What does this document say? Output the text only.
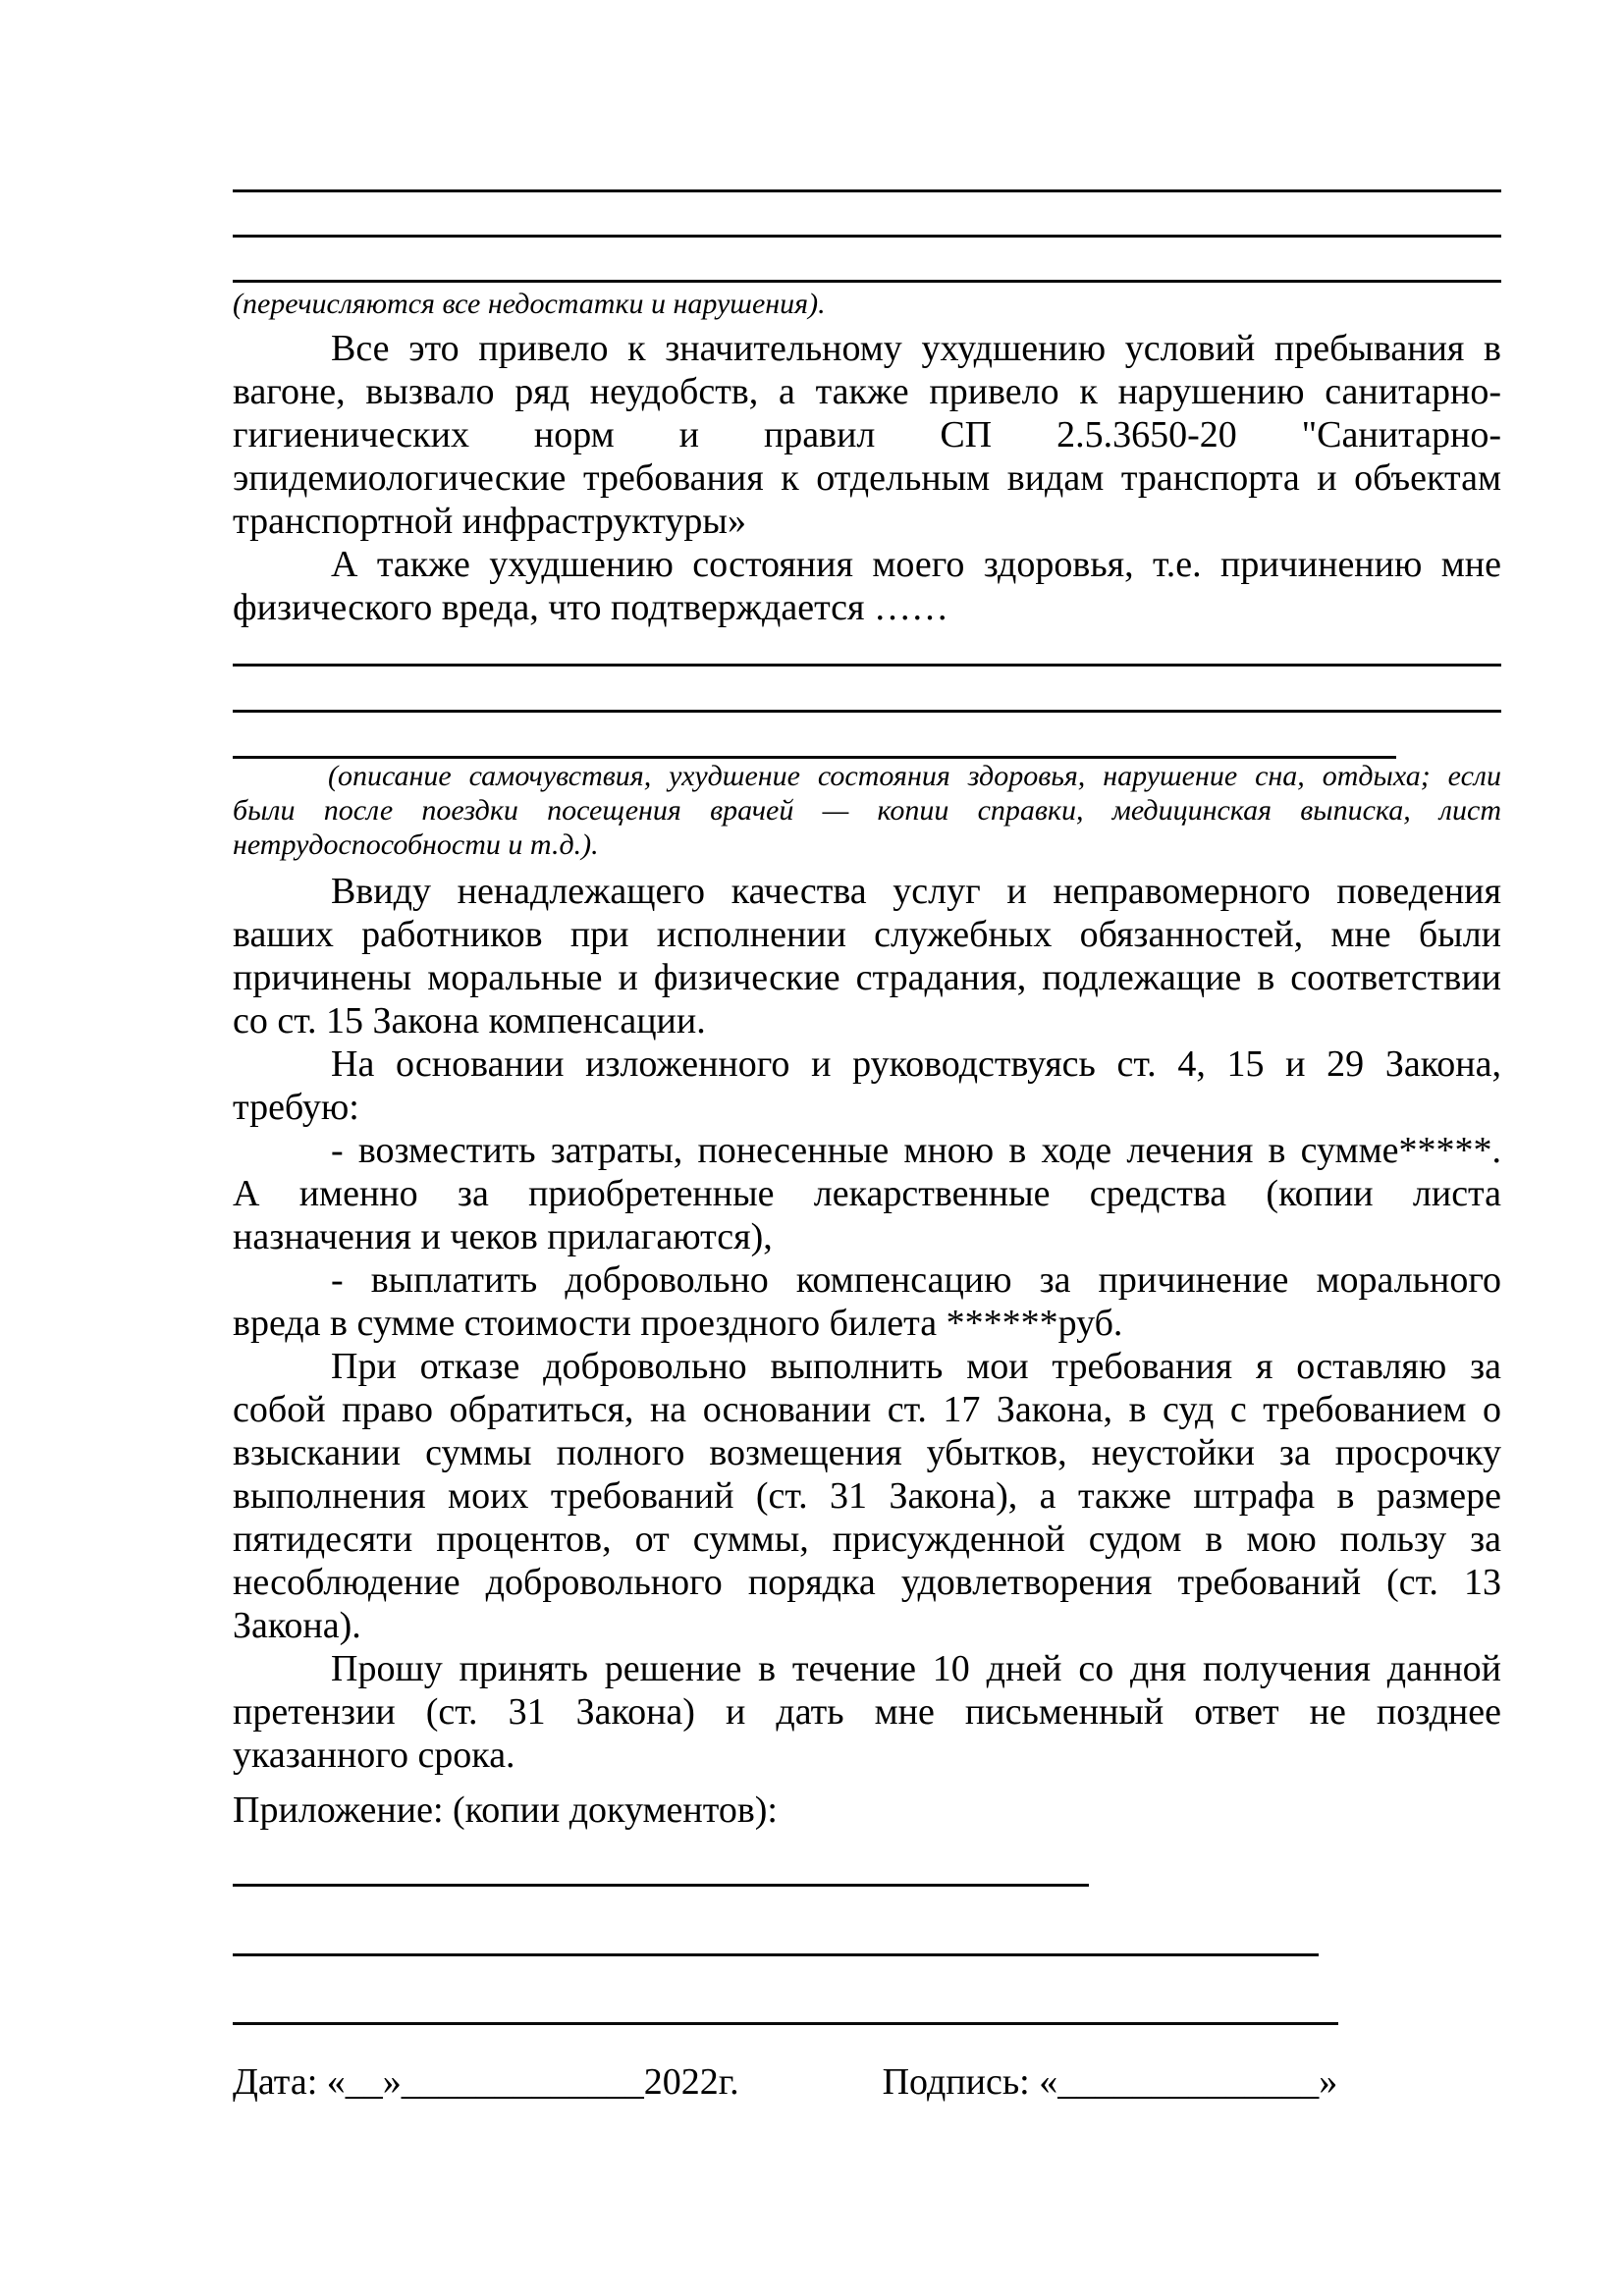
(перечисляются все недостатки и нарушения).
Все это привело к значительному ухудшению условий пребывания в
вагоне, вызвало ряд неудобств, а также привело к нарушению санитарно-
гигиенических норм и правил СП 2.5.3650-20 "Санитарно-
эпидемиологические требования к отдельным видам транспорта и объектам
транспортной инфраструктуры»
А также ухудшению состояния моего здоровья, т.е. причинению мне
физического вреда, что подтверждается ……
(описание самочувствия, ухудшение состояния здоровья, нарушение сна, отдыха; если
были после поездки посещения врачей — копии справки, медицинская выписка, лист
нетрудоспособности и т.д.).
Ввиду ненадлежащего качества услуг и неправомерного поведения
ваших работников при исполнении служебных обязанностей, мне были
причинены моральные и физические страдания, подлежащие в соответствии
со ст. 15 Закона компенсации.
На основании изложенного и руководствуясь ст. 4, 15 и 29 Закона,
требую:
- возместить затраты, понесенные мною в ходе лечения в сумме*****.
А именно за приобретенные лекарственные средства (копии листа
назначения и чеков прилагаются),
- выплатить добровольно компенсацию за причинение морального
вреда в сумме стоимости проездного билета ******руб.
При отказе добровольно выполнить мои требования я оставляю за
собой право обратиться, на основании ст. 17 Закона, в суд с требованием о
взыскании суммы полного возмещения убытков, неустойки за просрочку
выполнения моих требований (ст. 31 Закона), а также штрафа в размере
пятидесяти процентов, от суммы, присужденной судом в мою пользу за
несоблюдение добровольного порядка удовлетворения требований (ст. 13
Закона).
Прошу принять решение в течение 10 дней со дня получения данной
претензии (ст. 31 Закона) и дать мне письменный ответ не позднее
указанного срока.
Приложение: (копии документов):
Дата: «__»_____________2022г.	Подпись: «______________»
